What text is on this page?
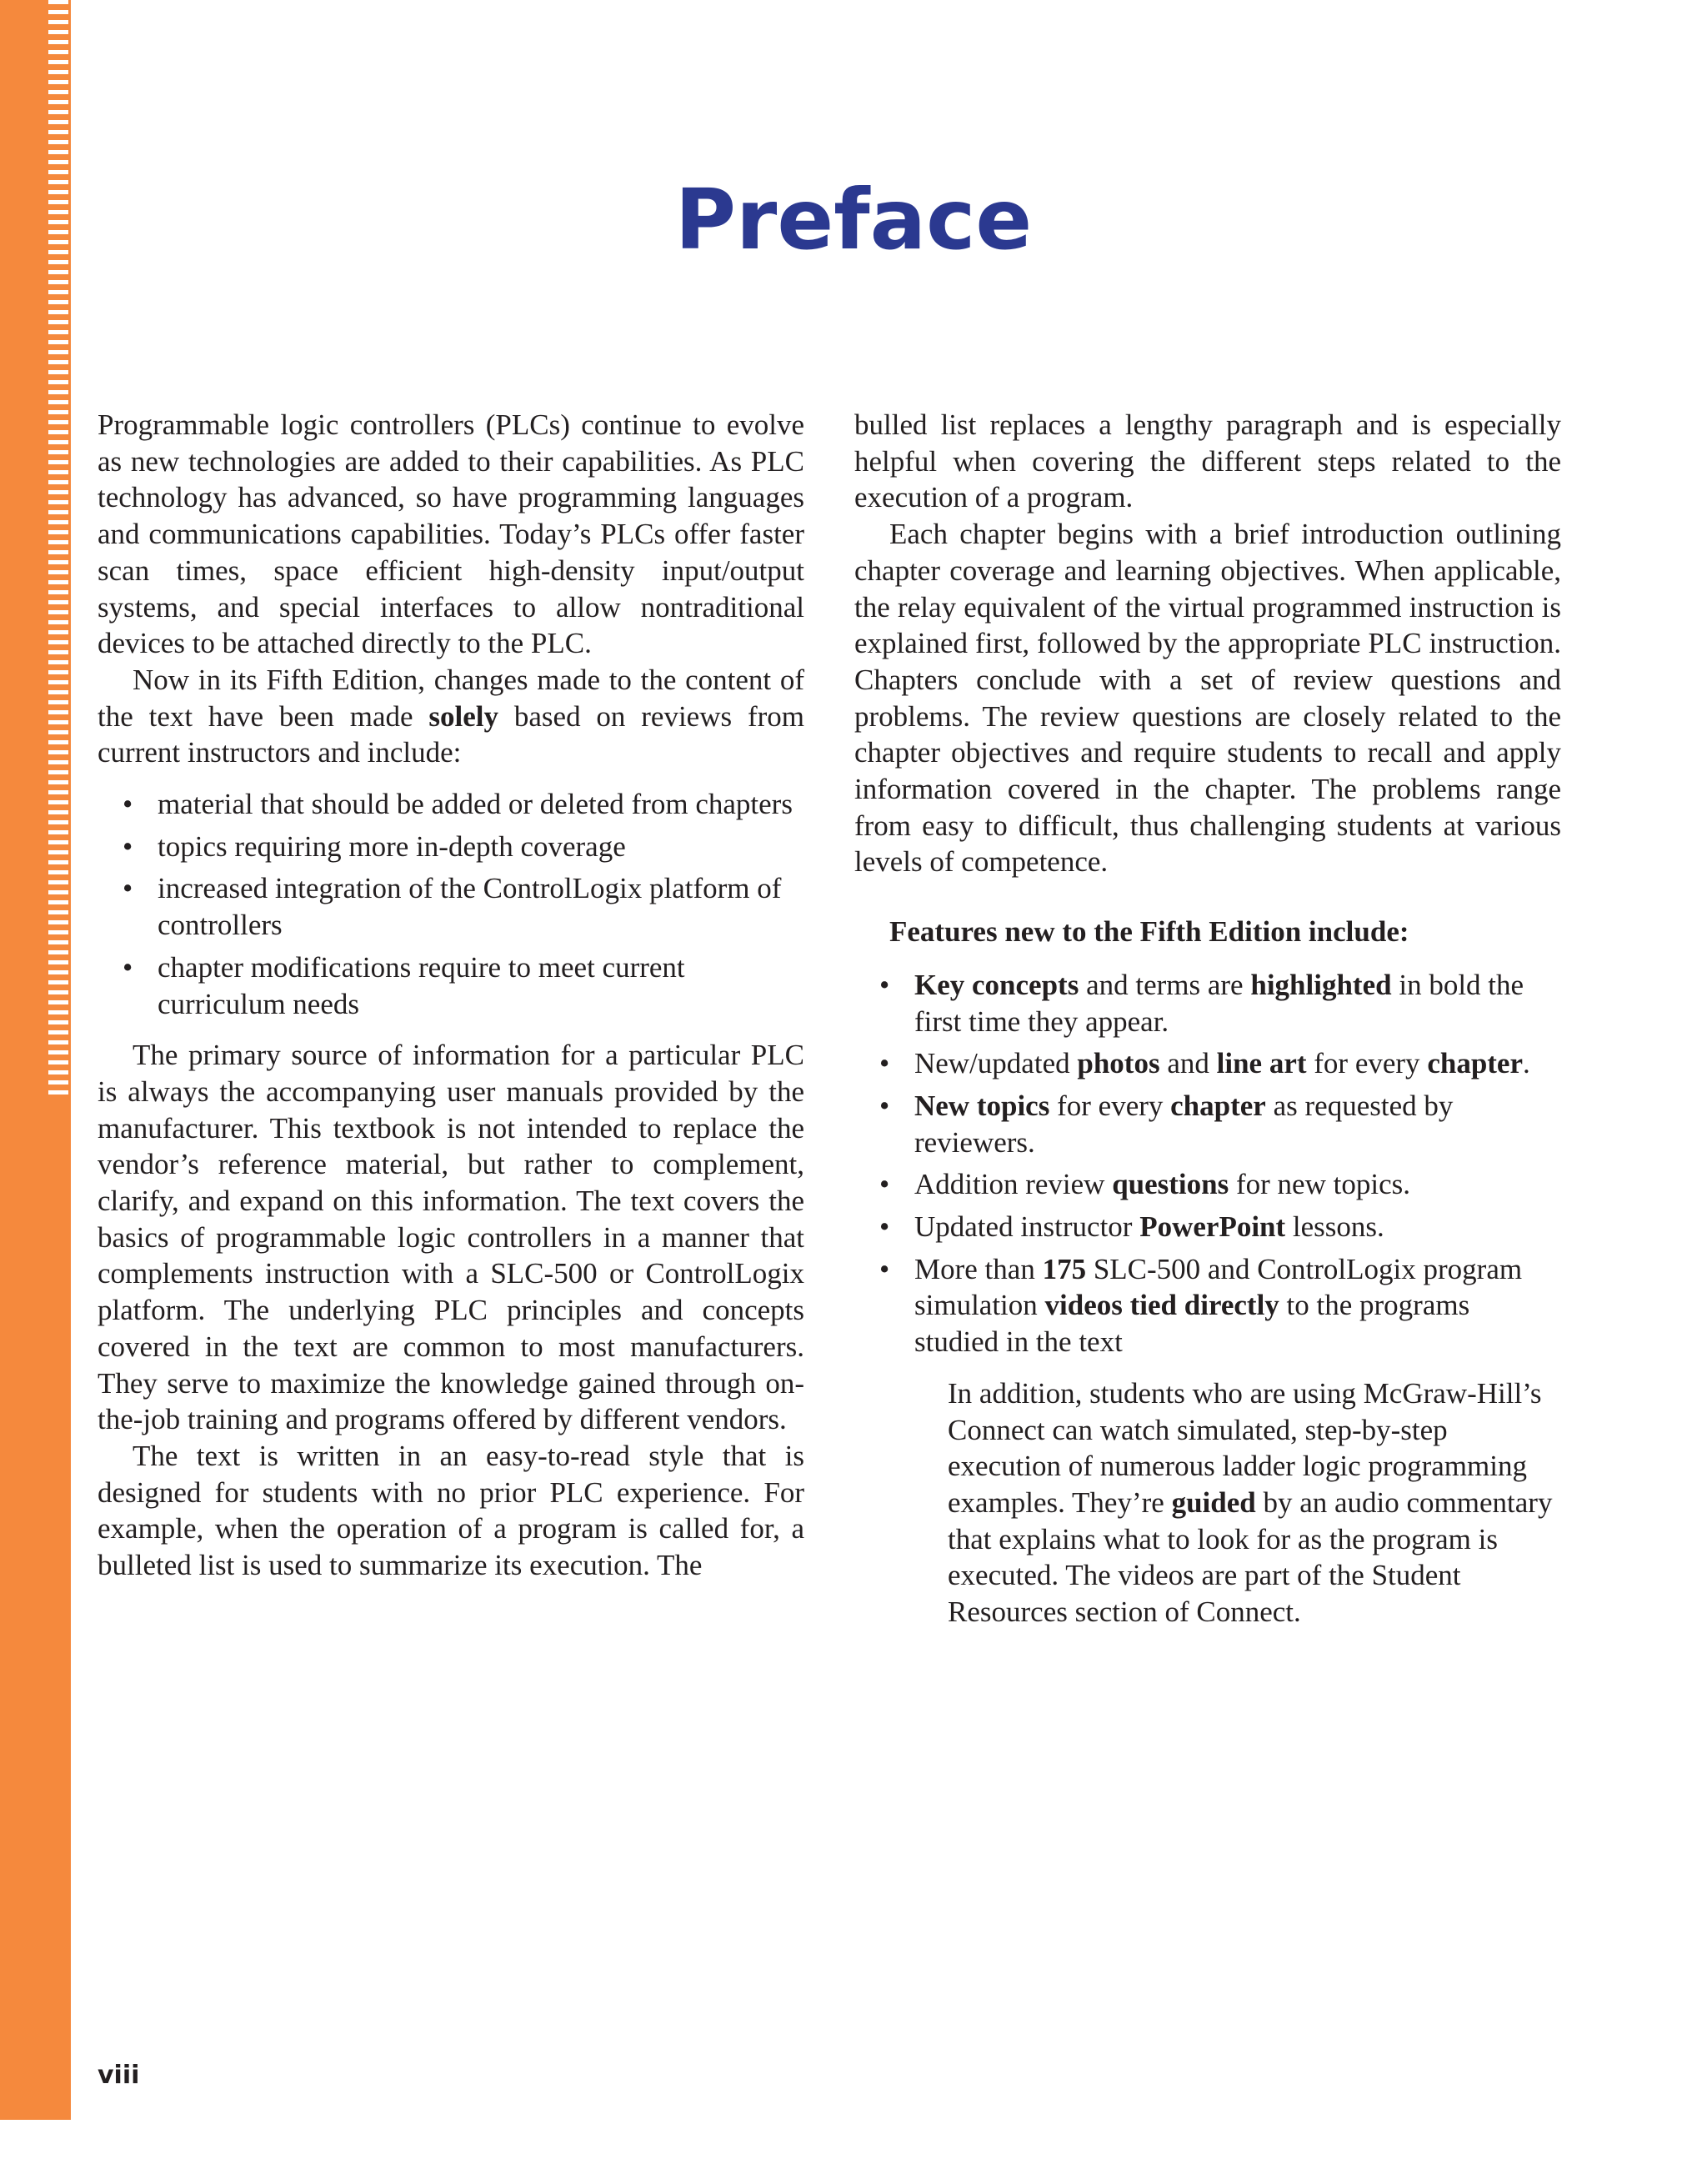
Preface

Programmable logic controllers (PLCs) continue to evolve as new technologies are added to their capabilities. As PLC technology has advanced, so have programming languages and communications capabilities. Today’s PLCs offer faster scan times, space efficient high-density input/output systems, and special interfaces to allow nontraditional devices to be attached directly to the PLC.

Now in its Fifth Edition, changes made to the content of the text have been made solely based on reviews from current instructors and include:

• material that should be added or deleted from chapters
• topics requiring more in-depth coverage
• increased integration of the ControlLogix platform of controllers
• chapter modifications require to meet current curriculum needs

The primary source of information for a particular PLC is always the accompanying user manuals provided by the manufacturer. This textbook is not intended to replace the vendor’s reference material, but rather to complement, clarify, and expand on this information. The text covers the basics of programmable logic controllers in a manner that complements instruction with a SLC-500 or ControlLogix platform. The underlying PLC principles and concepts covered in the text are common to most manufacturers. They serve to maximize the knowledge gained through on-the-job training and programs offered by different vendors.

The text is written in an easy-to-read style that is designed for students with no prior PLC experience. For example, when the operation of a program is called for, a bulleted list is used to summarize its execution. The

bulled list replaces a lengthy paragraph and is especially helpful when covering the different steps related to the execution of a program.

Each chapter begins with a brief introduction outlining chapter coverage and learning objectives. When applicable, the relay equivalent of the virtual programmed instruction is explained first, followed by the appropriate PLC instruction. Chapters conclude with a set of review questions and problems. The review questions are closely related to the chapter objectives and require students to recall and apply information covered in the chapter. The problems range from easy to difficult, thus challenging students at various levels of competence.

Features new to the Fifth Edition include:
• Key concepts and terms are highlighted in bold the first time they appear.
• New/updated photos and line art for every chapter.
• New topics for every chapter as requested by reviewers.
• Addition review questions for new topics.
• Updated instructor PowerPoint lessons.
• More than 175 SLC-500 and ControlLogix program simulation videos tied directly to the programs studied in the text

In addition, students who are using McGraw-Hill’s Connect can watch simulated, step-by-step execution of numerous ladder logic programming examples. They’re guided by an audio commentary that explains what to look for as the program is executed. The videos are part of the Student Resources section of Connect.

viii
